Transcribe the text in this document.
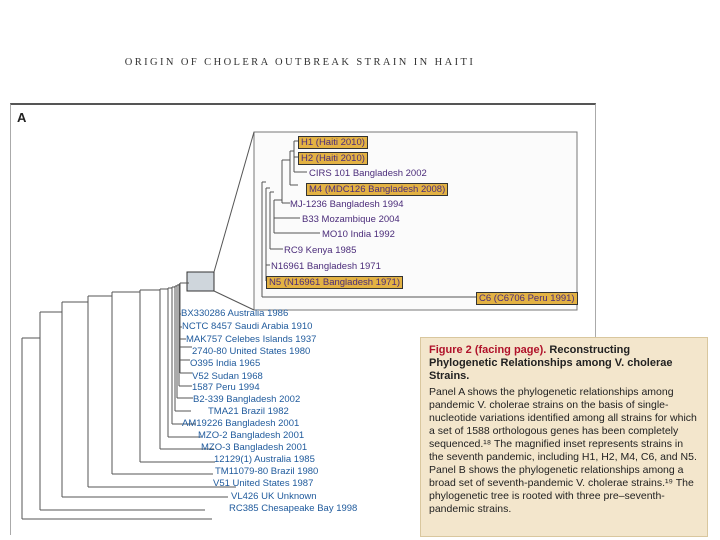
ORIGIN OF CHOLERA OUTBREAK STRAIN IN HAITI
A
BX330286 Australia 1986
NCTC 8457 Saudi Arabia 1910
MAK757 Celebes Islands 1937
2740-80 United States 1980
O395 India 1965
V52 Sudan 1968
1587 Peru 1994
B2-339 Bangladesh 2002
TMA21 Brazil 1982
AM19226 Bangladesh 2001
MZO-2 Bangladesh 2001
MZO-3 Bangladesh 2001
12129(1) Australia 1985
TM11079-80 Brazil 1980
V51 United States 1987
VL426 UK Unknown
RC385 Chesapeake Bay 1998
H1 (Haiti 2010)
H2 (Haiti 2010)
CIRS 101 Bangladesh 2002
M4 (MDC126 Bangladesh 2008)
MJ-1236 Bangladesh 1994
B33 Mozambique 2004
MO10 India 1992
RC9 Kenya 1985
N16961 Bangladesh 1971
N5 (N16961 Bangladesh 1971)
C6 (C6706 Peru 1991)
Figure 2 (facing page). Reconstructing Phylogenetic Relationships among V. cholerae Strains.
Panel A shows the phylogenetic relationships among pandemic V. cholerae strains on the basis of single-nucleotide variations identified among all strains for which a set of 1588 orthologous genes has been completely sequenced.¹⁸ The magnified inset represents strains in the seventh pandemic, including H1, H2, M4, C6, and N5. Panel B shows the phylogenetic relationships among a broad set of seventh-pandemic V. cholerae strains.¹⁹ The phylogenetic tree is rooted with three pre–seventh-pandemic strains.
